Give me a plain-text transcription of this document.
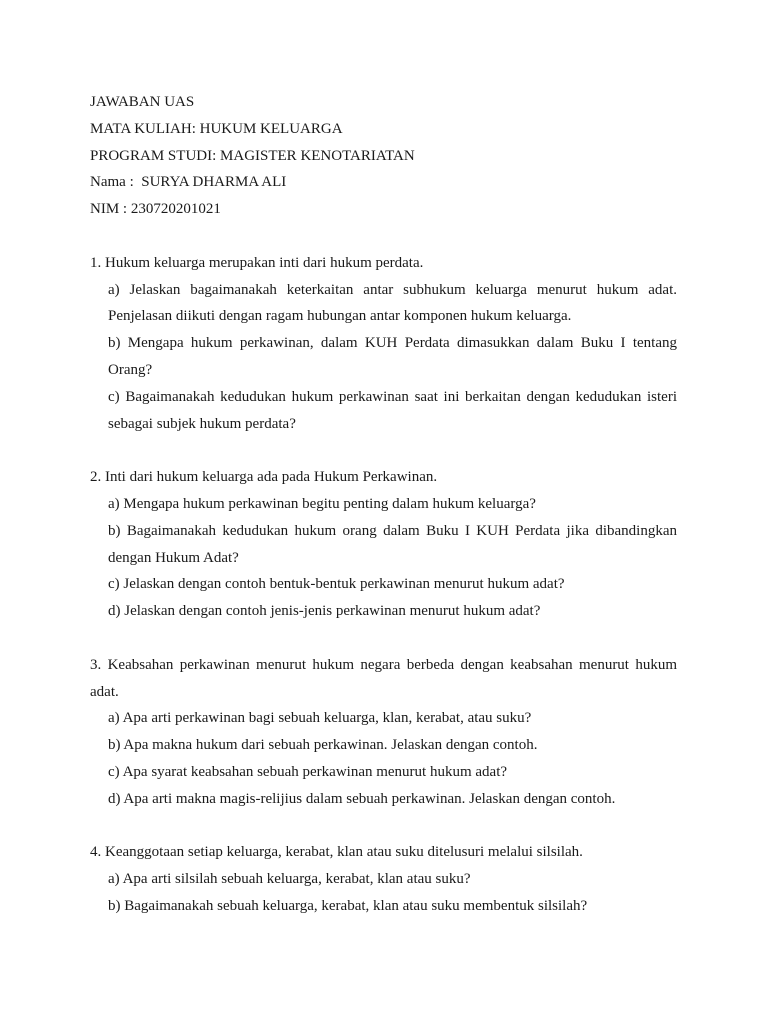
JAWABAN UAS
MATA KULIAH: HUKUM KELUARGA
PROGRAM STUDI: MAGISTER KENOTARIATAN
Nama :  SURYA DHARMA ALI
NIM : 230720201021
1. Hukum keluarga merupakan inti dari hukum perdata.
a) Jelaskan bagaimanakah keterkaitan antar subhukum keluarga menurut hukum adat. Penjelasan diikuti dengan ragam hubungan antar komponen hukum keluarga.
b) Mengapa hukum perkawinan, dalam KUH Perdata dimasukkan dalam Buku I tentang Orang?
c) Bagaimanakah kedudukan hukum perkawinan saat ini berkaitan dengan kedudukan isteri sebagai subjek hukum perdata?
2. Inti dari hukum keluarga ada pada Hukum Perkawinan.
a) Mengapa hukum perkawinan begitu penting dalam hukum keluarga?
b) Bagaimanakah kedudukan hukum orang dalam Buku I KUH Perdata jika dibandingkan dengan Hukum Adat?
c) Jelaskan dengan contoh bentuk-bentuk perkawinan menurut hukum adat?
d) Jelaskan dengan contoh jenis-jenis perkawinan menurut hukum adat?
3. Keabsahan perkawinan menurut hukum negara berbeda dengan keabsahan menurut hukum adat.
a) Apa arti perkawinan bagi sebuah keluarga, klan, kerabat, atau suku?
b) Apa makna hukum dari sebuah perkawinan. Jelaskan dengan contoh.
c) Apa syarat keabsahan sebuah perkawinan menurut hukum adat?
d) Apa arti makna magis-relijius dalam sebuah perkawinan. Jelaskan dengan contoh.
4. Keanggotaan setiap keluarga, kerabat, klan atau suku ditelusuri melalui silsilah.
a) Apa arti silsilah sebuah keluarga, kerabat, klan atau suku?
b) Bagaimanakah sebuah keluarga, kerabat, klan atau suku membentuk silsilah?
